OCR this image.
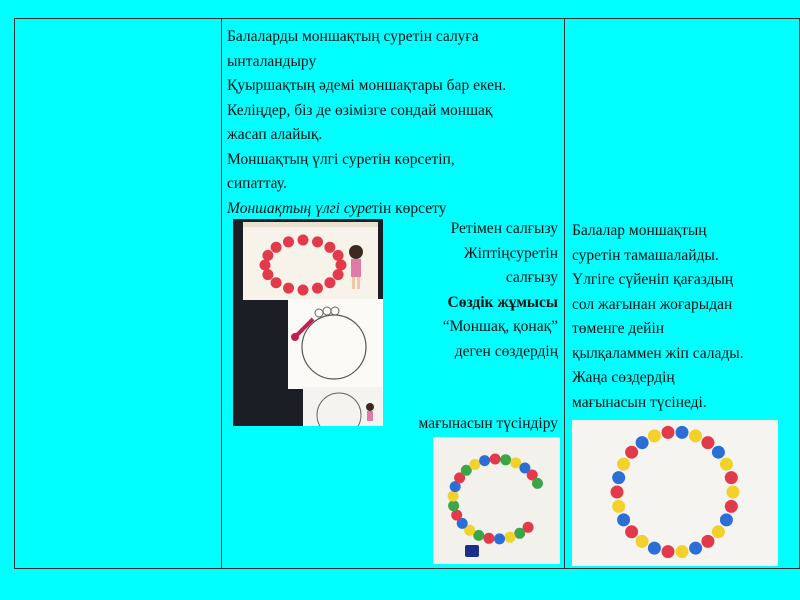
Балаларды моншақтың суретін салуға
ынталандыру
Қуыршақтың әдемі моншақтары бар екен.
Келіңдер, біз де өзімізге сондай моншақ
жасап алайық.
Моншақтың үлгі суретін көрсетіп,
сипаттау.
Моншақтың үлгі суретін көрсету
Ретімен салғызу
Жіптіңсуретін
салғызу
Сөздік жұмысы
“Моншақ, қонақ”
деген сөздердің
мағынасын түсіндіру
Балалар моншақтың
суретін тамашалайды.
Үлгіге сүйеніп қағаздың
сол жағынан жоғарыдан
төменге дейін
қылқаламмен жіп салады.
Жаңа сөздердің
мағынасын түсінеді.
